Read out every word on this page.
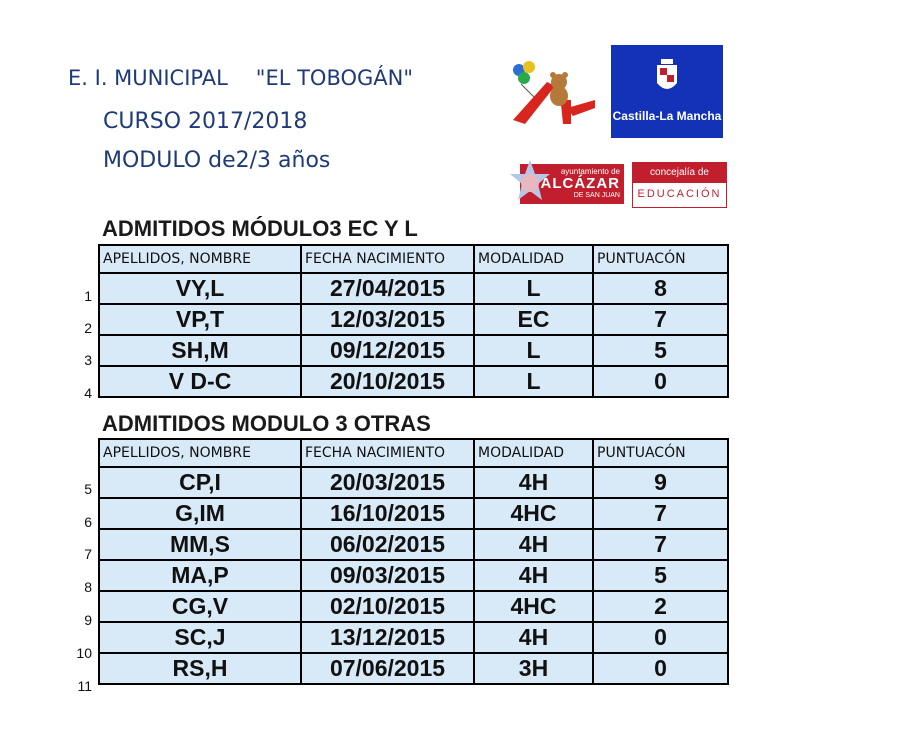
E. I. MUNICIPAL "EL TOBOGÁN"
CURSO 2017/2018
MODULO de2/3 años
Castilla-La Mancha
ayuntamiento de
ALCÁZAR
DE SAN JUAN
concejalía de
EDUCACIÓN
ADMITIDOS MÓDULO3 EC Y L
APELLIDOS, NOMBRE	FECHA NACIMIENTO	MODALIDAD	PUNTUACÓN
VY,L	27/04/2015	L	8
VP,T	12/03/2015	EC	7
SH,M	09/12/2015	L	5
V D-C	20/10/2015	L	0
1
2
3
4
ADMITIDOS MODULO 3 OTRAS
APELLIDOS, NOMBRE	FECHA NACIMIENTO	MODALIDAD	PUNTUACÓN
CP,I	20/03/2015	4H	9
G,IM	16/10/2015	4HC	7
MM,S	06/02/2015	4H	7
MA,P	09/03/2015	4H	5
CG,V	02/10/2015	4HC	2
SC,J	13/12/2015	4H	0
RS,H	07/06/2015	3H	0
5
6
7
8
9
10
11
